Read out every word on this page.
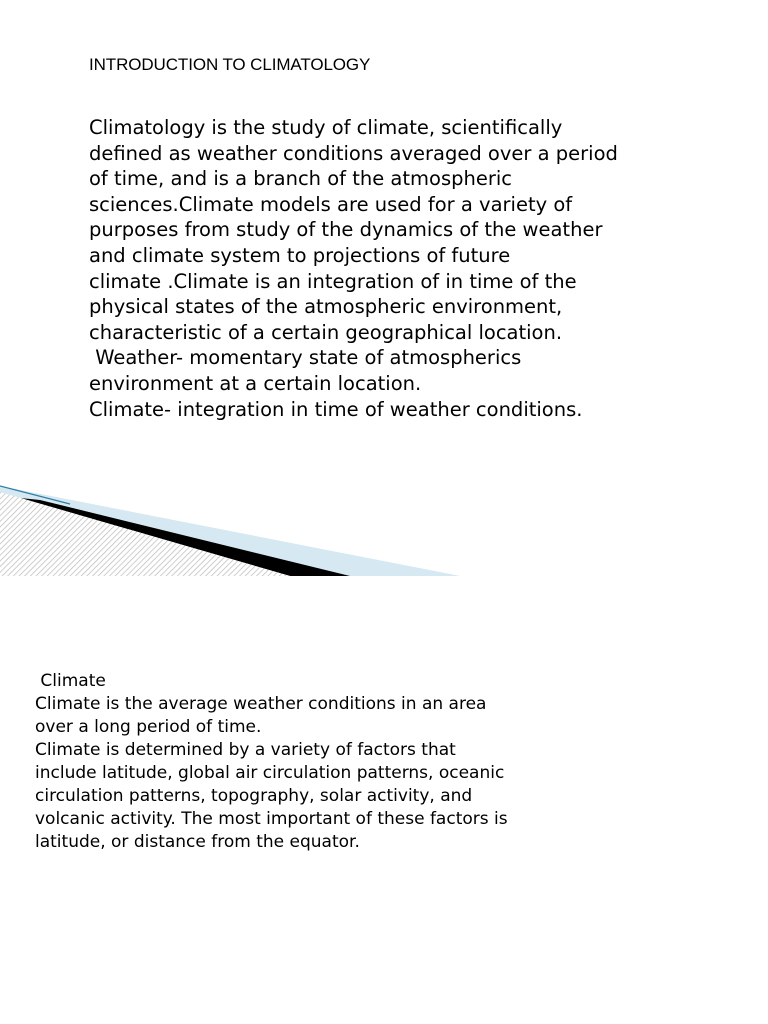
INTRODUCTION TO CLIMATOLOGY
Climatology is the study of climate, scientifically
defined as weather conditions averaged over a period
of time, and is a branch of the atmospheric
sciences.Climate models are used for a variety of
purposes from study of the dynamics of the weather
and climate system to projections of future
climate .Climate is an integration of in time of the
physical states of the atmospheric environment,
characteristic of a certain geographical location.
Weather- momentary state of atmospherics
environment at a certain location.
Climate- integration in time of weather conditions.
Climate
Climate is the average weather conditions in an area
over a long period of time.
Climate is determined by a variety of factors that
include latitude, global air circulation patterns, oceanic
circulation patterns, topography, solar activity, and
volcanic activity. The most important of these factors is
latitude, or distance from the equator.
